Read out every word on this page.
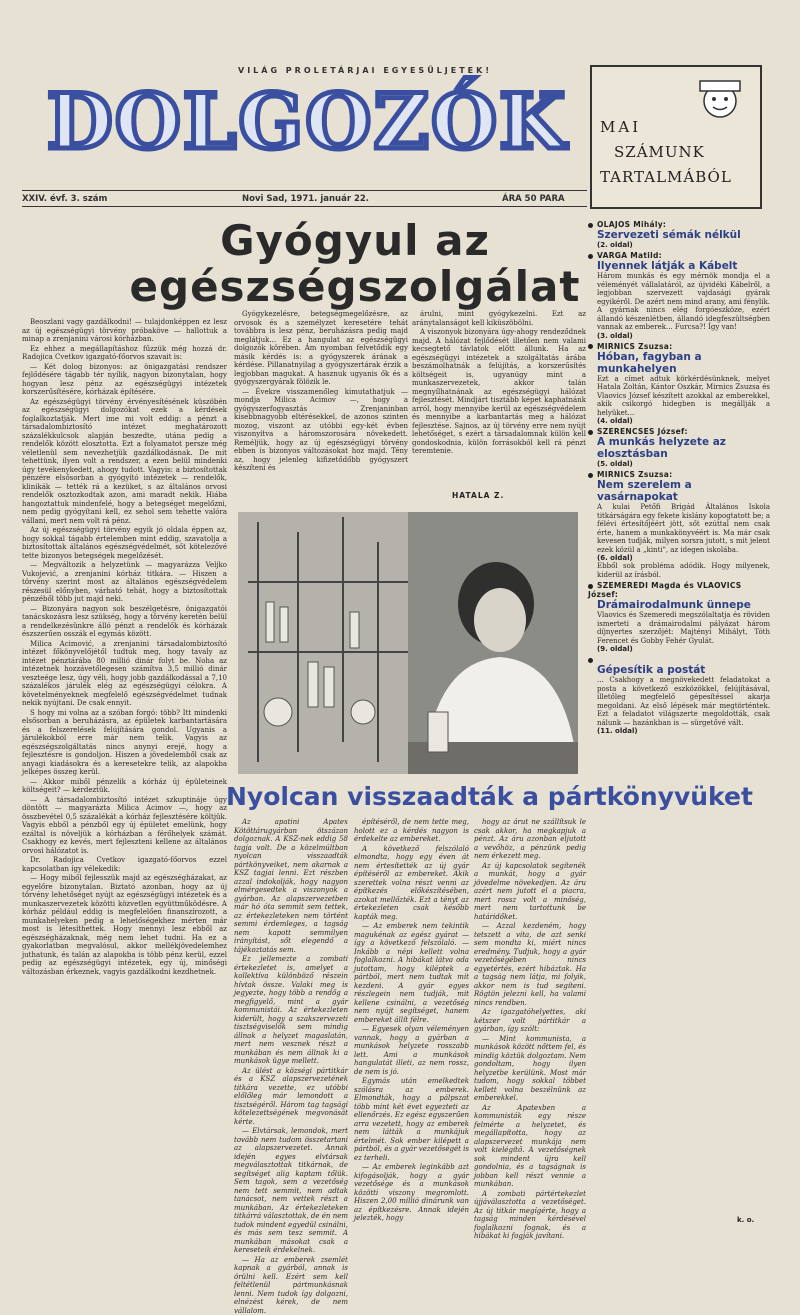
VILÁG PROLETÁRJAI EGYESÜLJETEK!
DOLGOZÓK
XXIV. évf. 3. szám	Novi Sad, 1971. január 22.	ÁRA 50 PARA
MAI
SZÁMUNK
TARTALMÁBÓL
Gyógyul az
egészségszolgálat

Beoszlani vagy gazdálkodni! — tulajdonképpen ez lesz az új egészségügyi törvény próbaköve — hallottuk a minap a zrenjanini városi kórházban.

Ez ehhez a megállapításhoz fűzzük még hozzá dr. Radojica Cvetkov igazgató-főorvos szavait is:

— Két dolog bizonyos: az önigazgatási rendszer fejlődésére tágabb tér nyílik, nagyon bizonytalan, hogy hogyan lesz pénz az egészségügyi intézetek korszerűsítésére, kórházak építésére.

Az egészségügyi törvény érvényesítésének küszöbén az egészségügyi dolgozókat ezek a kérdések foglalkoztatják. Mert ime mi volt eddig: a pénzt a társadalombiztosító intézet meghatározott százalékkulcsok alapján beszedte, utána pedig a rendelők között elosztotta. Ezt a folyamatot persze még véletlenül sem nevezhetjük gazdálkodásnak. De mit tehettünk, ilyen volt a rendszer, a ezen belül mindenki úgy tevékenykedett, ahogy tudott. Vagyis: a biztosítottak pénzére elsősorban a gyógyító intézetek — rendelők, klinikák — tették rá a kezüket, s az általános orvosi rendelők osztozkodtak azon, ami maradt nekik. Hiába hangoztattuk mindenfelé, hogy a betegséget megelőzni, nem pedig gyógyítani kell, ez sehol sem tehette valóra vállani, mert nem volt rá pénz.

Az új egészségügyi törvény egyik jó oldala éppen az, hogy sokkal tágabb értelemben mint eddig, szavatolja a biztosítottak általános egészségvédelmét, sőt kötelezővé tette bizonyos betegségek megelőzését.

— Megváltozik a helyzetünk — magyarázza Veljko Vukojević, a zrenjanini kórház titkára. — Hiszen a törvény szerint most az általános egészségvédelem részesül előnyben, várható tehát, hogy a biztosítottak pénzéből több jut majd neki.

— Bizonyára nagyon sok beszélgetésre, önigazgatói tanácskozásra lesz szükség, hogy a törvény keretén belül a rendelkezésünkre álló pénzt a rendelők és kórházak észszerűen osszák el egymás között.

Milica Acimović, a zrenjanini társadalombiztosító intézet főkönyvelőjétől tudtuk meg, hogy tavaly az intézet pénztárába 80 millió dinár folyt be. Noha az intézetnek hozzávetőlegesen számítva 3,5 millió dinár veszteége lesz, úgy véli, hogy jobb gazdálkodással a 7,10 százalékos járulék elég az egészségügyi célokra. A követelményeknek megfelelő egészségvédelmet tudnak nekik nyújtani. De csak ennyit.

S hogy mi volna az a szóban forgó: több? Itt mindenki elsősorban a beruházásra, az épületek karbantartására és a felszerelések felújítására gondol. Ugyanis a járulékokból erre már nem telik. Vagyis az egészségszolgáltatás nincs anynyi erejé, hogy a fejlesztésre is gondoljon. Hiszen a jövedelemből csak az anyagi kiadásokra és a keresetekre telik, az alapokba jelképes összeg kerül.

— Akkor miből pénzelik a kórház új épületeinek költségeit? — kérdeztük.

— A társadalombiztosító intézet szkuptináje úgy döntött — magyarázta Milica Acimov —, hogy az összbevétel 0,5 százalékát a kórház fejlesztésére költjük. Vagyis ebből a pénzből egy új épületet emelünk, hogy ezáltal is növeljük a kórházban a férőhelyek számát. Csakhogy ez kevés, mert fejleszteni kellene az általános orvosi hálózatot is.

Dr. Radojica Cvetkov igazgató-főorvos ezzel kapcsolatban így vélekedik:

— Hogy miből fejlesszük majd az egészségházakat, az egyelőre bizonytalan. Biztató azonban, hogy az új törvény lehetőséget nyújt az egészségügyi intézetek és a munkaszervezetek közötti közvetlen együttműködésre. A kórház például eddig is megfelelően finanszírozott, a munkahelyeken pedig a lehetőségekhez mérten már most is létesíthettek. Hogy mennyi lesz ebből az egészségházaknak, még nem lehet tudni. Ha ez a gyakorlatban megvalósul, akkor mellékjövedelemhez juthatunk, és talán az alapokba is több pénz kerül, ezzel pedig az egészségügyi intézetek, egy új, minőségi változásban érkeznek, vagyis gazdálkodni kezdhetnek.

Gyógykezelésre, betegségmegelőzésre, az orvosok és a személyzet keresetére tehát továbbra is lesz pénz, beruházásra pedig majd meglátjuk... Ez a hangulat az egészségügyi dolgozók körében. Ám nyomban felvetődik egy másik kérdés is: a gyógyszerek árának a kérdése. Pillanatnyilag a gyógyszertárak érzik a legjobban magukat. A hasznuk ugyanis ők és a gyógyszergyárak fölözik le.

— Évekre visszamenőleg kimutathatjuk — mondja Milica Acimov —, hogy a gyógyszerfogyasztás Zrenjaninban kisebbnagyobb eltérésekkel, de azonos szinten mozog, viszont az utóbbi egy-két évben viszonyítva a háromszorosára növekedett. Reméljük, hogy az új egészségügyi törvény ebben is bizonyos változásokat hoz majd. Tény az, hogy jelenleg kifizetődőbb gyógyszert készíteni és

árulni, mint gyógykezelni. Ezt az aránytalanságot kell kiküszöbölni.

A viszonyok bizonyára úgy-ahogy rendeződnek majd. A hálózat fejlődését illetően nem valami kecsegtető távlatok előtt állunk. Ha az egészségügyi intézetek a szolgáltatás árába beszámolhatnák a felújítás, a korszerűsítés költségeit is, ugyanúgy mint a munkaszervezetek, akkor talán megnyílhatnának az egészségügyi hálózat fejlesztését. Mindjárt tisztább képet kaphatnánk arról, hogy mennyibe kerül az egészségvédelem és mennyibe a karbantartás meg a hálózat fejlesztése. Sajnos, az új törvény erre nem nyújt lehetőséget, s ezért a társadalomnak külön kell gondoskodnia, külön forrásokból kell rá pénzt teremtenie.

HATALA Z.
Nyolcan visszaadták a pártkönyvüket

Az apatini Apatex Kötöttárugyárban ötszázan dolgoznak. A KSZ-nek eddig 58 tagja volt. De a közelmúltban nyolcan visszaadták pártkönyveiket, nem akarnak a KSZ tagjai lenni. Ezt részben azzal indokolják, hogy nagyon elmérgesedtek a viszonyok a gyárban. Az alapszervezetben már hó óta semmit sem tettek, az értekezleteken nem történt semmi érdemleges, a tagság nem kapott semmilyen irányítást, sőt elegendő a tájékoztatás sem.

Ez jellemezte a zombati értekezletet is, amelyet a kollektíva különböző részein hívtak össze. Valaki meg is jegyezte, hogy több a rendőg a megfigyelő, mint a gyár kommunistái. Az értekezleten kiderült, hogy a szakszervezeti tisztségviselők sem mindig állnak a helyzet magaslatán, mert nem vesznek részt a munkában és nem állnak ki a munkások ügye mellett.

Az ülést a községi pártitkár és a KSZ alapszervezetének titkára vezette, ez utóbbi előlőleg már lemondott a tisztségéről. Három tag tagsági kötelezettségének megvonását kérte.

— Elvtársak, lemondok, mert tovább nem tudom összetartani az alapszervezetet. Annak idején egyes elvtársak megválasztottak titkárnak, de segítséget alig kaptam tőlük. Sem tagok, sem a vezetőség nem tett semmit, nem adtak tanácsot, nem vettek részt a munkában. Az értekezleteken titkárrá választottak, de én nem tudok mindent egyedül csinálni, és más sem tesz semmit. A munkában másokat csak a kereseteik érdekelnek.

— Ha az emberek zsemlét kapnak a gyárból, annak is örülni kell. Ezért sem kell feltétlenül pártmunkásnak lenni. Nem tudok így dolgozni, elnézést kérek, de nem vállalom.

építéséről, de nem tette meg, holott ez a kérdés nagyon is érdekelte az embereket.

A következő felszólaló elmondta, hogy egy éven át nem értesítették az új gyár építéséről az embereket. Akik szerettek volna részt venni az építkezés előkészítésében, azokat mellőzték. Ezt a tényt az értekezleten csak később kapták meg.

— Az emberek nem tekintik magukénak az egész gyárat — így a következő felszólaló. — Inkább a népi kellett volna foglalkozni. A hibákat látva oda jutottam, hogy kiléptek a pártból, mert nem tudtak mit kezdeni. A gyár egyes részlegein nem tudják, mit kellene csinálni, a vezetőség nem nyújt segítséget, hanem embereket állít félre.

— Egyesek olyan véleményen vannak, hogy a gyárban a munkások helyzete rosszabb lett. Ami a munkások hangulatát illeti, az nem rossz, de nem is jó.

Egymás után emelkedtek szólásra az emberek. Elmondták, hogy a pálpszat több mint két évet egyezteti az ellenőrzés. Ez egész egyszerűen arra vezetett, hogy az emberek nem látták a munkájuk értelmét. Sok ember kilépett a pártból, és a gyár vezetőségét is ez terheli.

— Az emberek leginkább azt kifogásolják, hogy a gyár vezetősége és a munkások közötti viszony megromlott. Hiszen 2,00 millió dinárunk van az építkezésre. Annak idején jelezték, hogy

hogy az árut ne szállítsuk le csak akkor, ha megkapjuk a pénzt. Az áru azonban eljutott a vevőhöz, a pénzünk pedig nem érkezett meg.

Az új kapcsolatok segítenék a munkát, hogy a gyár jövedelme növekedjen. Az áru azért nem jutott el a piacra, mert rossz volt a minőség, mert nem tartottunk be határidőket.

— Azzal kezdeném, hogy tetszett a vita, de azt senki sem mondta ki, miért nincs eredmény. Tudjuk, hogy a gyár vezetőségében nincs egyetértés, ezért hibáztak. Ha a tagság nem látja, mi folyik, akkor nem is tud segíteni. Rögtön jelezni kell, ha valami nincs rendben.

Az igazgatóhelyettes, aki kétszer volt pártitkár a gyárban, így szólt:

— Mint kommunista, a munkások között nőttem fel, és mindig köztük dolgoztam. Nem gondoltam, hogy ilyen helyzetbe kerülünk. Most már tudom, hogy sokkal többet kellett volna beszélnünk az emberekkel.

Az Apatexben a kommunisták egy része felmérte a helyzetet, és megállapította, hogy az alapszervezet munkája nem volt kielégítő. A vezetőségnek sok mindent újra kell gondolnia, és a tagságnak is jobban kell részt vennie a munkában.

A zombati pártértekezlet újjáválasztotta a vezetőséget. Az új titkár megígérte, hogy a tagság minden kérdésével foglalkozni fognak, és a hibákat ki fogják javítani.

k. o.
OLAJOS Mihály:
Szervezeti sémák nélkül
(2. oldal)
VARGA Matild:
Ilyennek látják a Kábelt
Három munkás és egy mérnök mondja el a véleményét vállalatáról, az újvidéki Kábelről, a legjobban szervezett vajdasági gyárak egyikéről. De azért nem mind arany, ami fénylik. A gyárnak nincs elég forgóeszköze, ezért állandó készenlétben, állandó idegfeszültségben vannak az emberek... Furcsa?! Így van!
(3. oldal)
MIRNICS Zsuzsa:
Hóban, fagyban a munkahelyen
Ezt a címet adtuk körkérdésünknek, melyet Hatala Zoltán, Kántor Oszkár, Mirnics Zsuzsa és Vlaovics József készített azokkal az emberekkel, akik csikorgó hidegben is megállják a helyüket...
(4. oldal)
SZERENCSES József:
A munkás helyzete az elosztásban
(5. oldal)
MIRNICS Zsuzsa:
Nem szerelem a vasárnapokat
A kulai Petőfi Brigád Általános Iskola titkárságára egy fekete kislány kopogtatott be; a félévi értesítőjéért jött, sőt ezúttal nem csak érte, hanem a munkakönyvéért is. Ma már csak kevesen tudják, milyen sorsra jutott, s mit jelent ezek közül a „kinti", az idegen iskolába.
(6. oldal)
Ebből sok probléma adódik. Hogy milyenek, kiderül az írásból.
SZEMEREDI Magda és VLAOVICS József:
Drámairodalmunk ünnepe
Vlaovics és Szemeredi megszólaltatja és röviden ismerteti a drámairodalmi pályázat három díjnyertes szerzőjét: Majtényi Mihályt, Tóth Ferencet és Gobby Fehér Gyulát.
(9. oldal)
Gépesítik a postát
... Csakhogy a megnövekedett feladatokat a posta a következő eszközökkel, felújításával, illetőleg megfelelő gépesítéssel akarja megoldani. Az első lépések már megtörténtek. Ezt a feladatot világszerte megoldották, csak nálunk — hazánkban is — sürgetővé vált.
(11. oldal)
